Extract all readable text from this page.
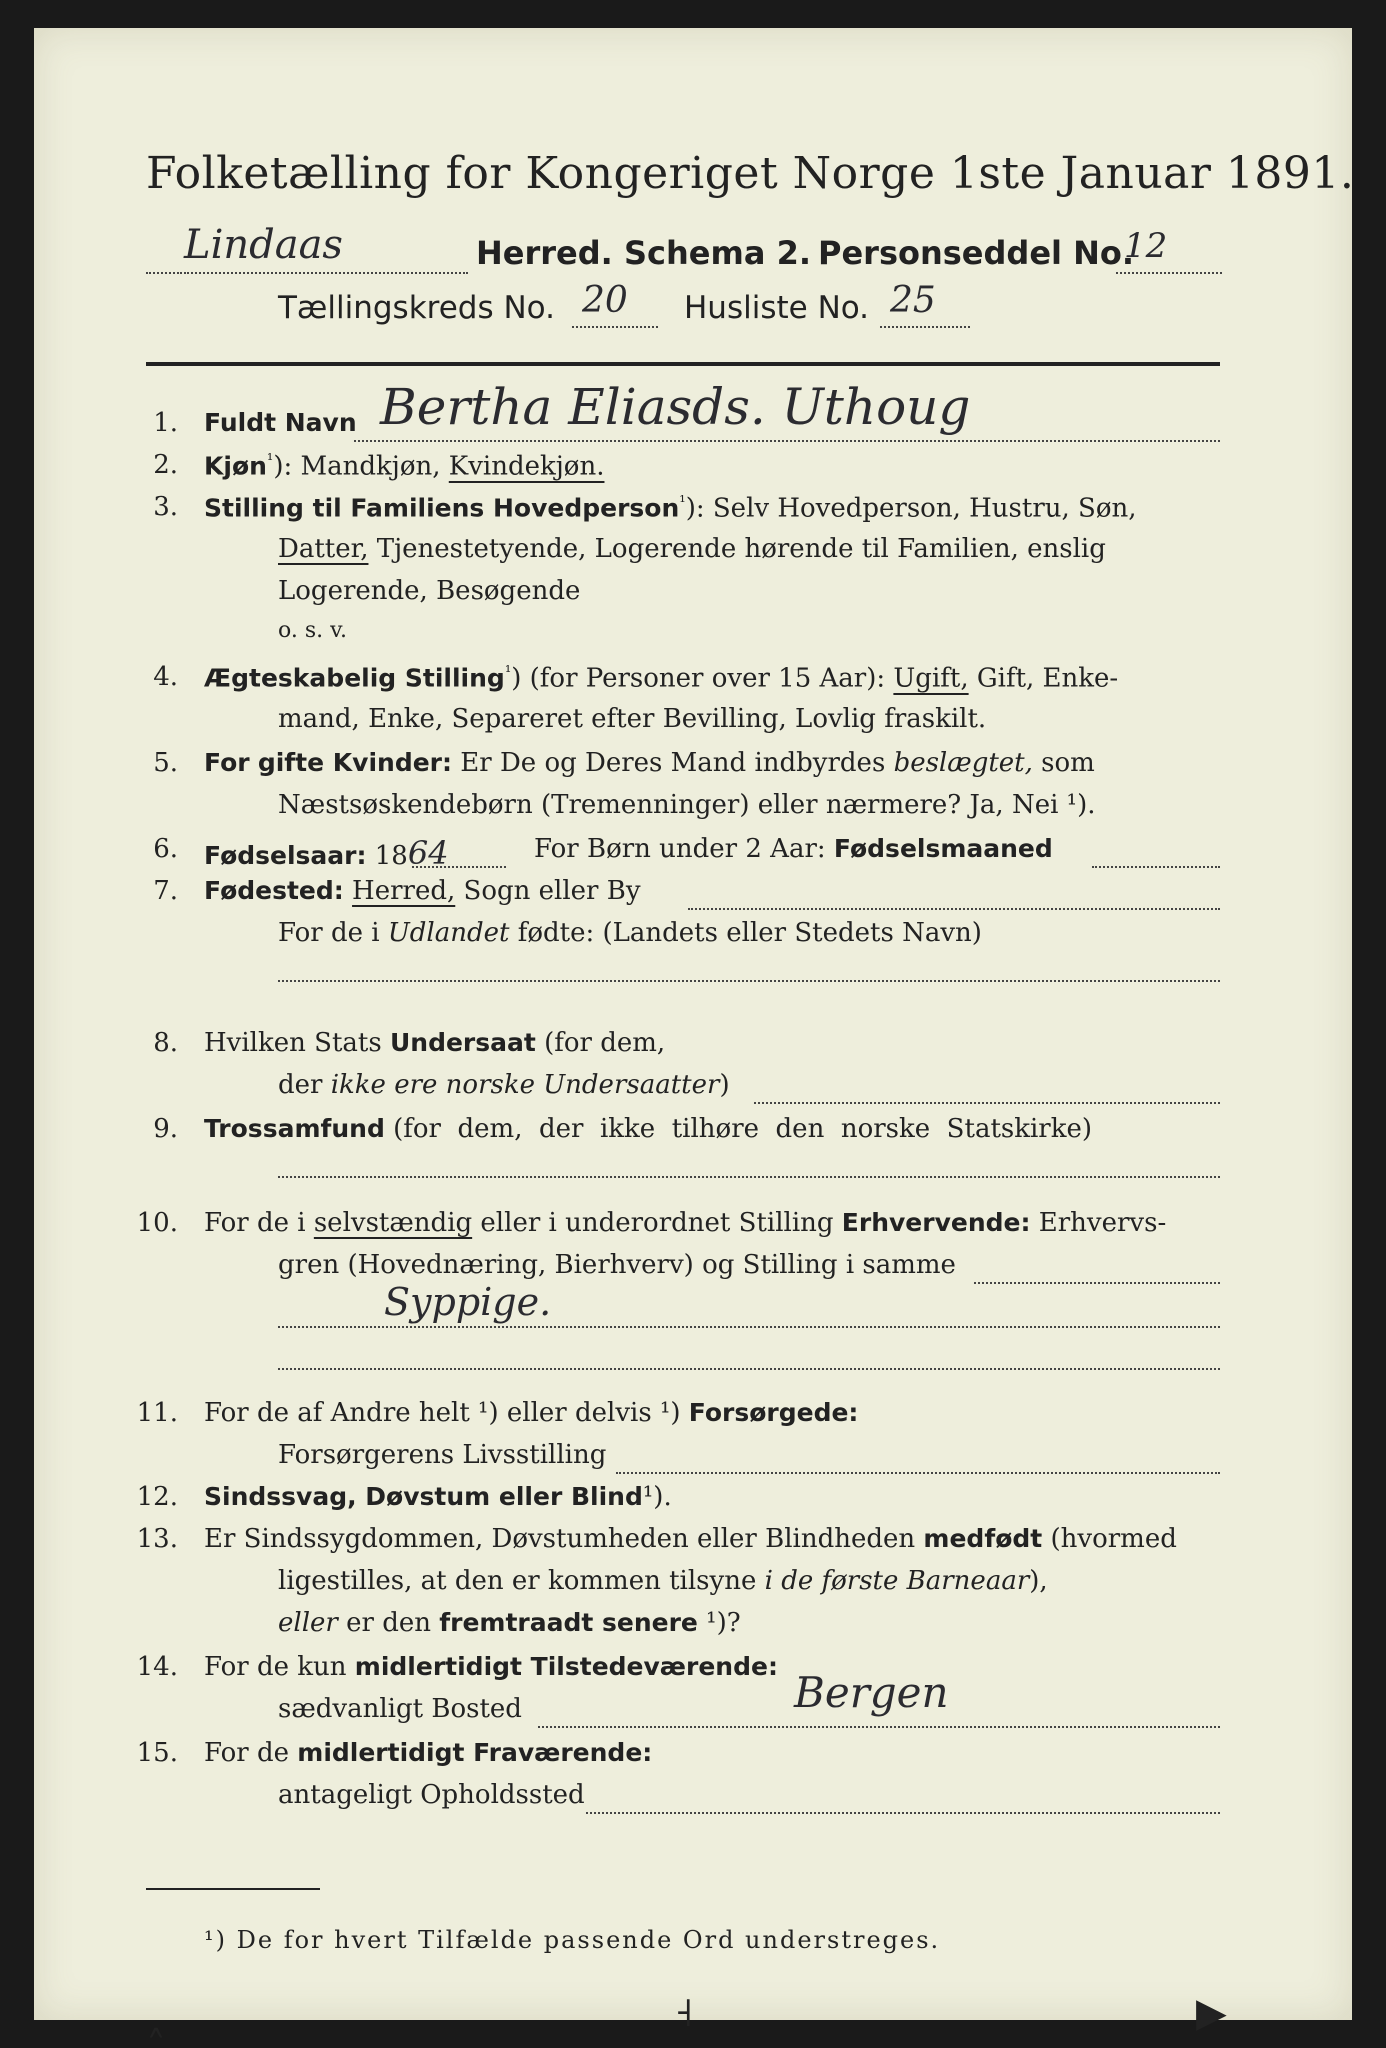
Folketælling for Kongeriget Norge 1ste Januar 1891.
Lindaas	Herred. Schema 2. Personseddel No.
12
Tællingskreds No. 20 Husliste No. 25
1. Fuldt Navn Bertha Eliasds. Uthoug
2. Kjøn$^{^1}$): Mandkjøn, Kvindekjøn.
3. Stilling til Familiens Hovedperson$^{^1}$): Selv Hovedperson, Hustru, Søn,
Datter, Tjenestetyende, Logerende hørende til Familien, enslig
Logerende, Besøgende
o. s. v.
4. Ægteskabelig Stilling$^{^1}$) (for Personer over 15 Aar): Ugift, Gift, Enke-
mand, Enke, Separeret efter Bevilling, Lovlig fraskilt.
5. For gifte Kvinder: Er De og Deres Mand indbyrdes beslægtet, som
Næstsøskendebørn (Tremenninger) eller nærmere? Ja, Nei ¹).
6. Fødselsaar: 1864	For Børn under 2 Aar: Fødselsmaaned
7. Fødested: Herred, Sogn eller By
For de i Udlandet fødte: (Landets eller Stedets Navn)
8. Hvilken Stats Undersaat (for dem,
der ikke ere norske Undersaatter)
9. Trossamfund (for  dem,  der  ikke  tilhøre  den  norske  Statskirke)
10. For de i selvstændig eller i underordnet Stilling Erhvervende: Erhvervs-
gren (Hovednæring, Bierhverv) og Stilling i samme
Syppige.
11. For de af Andre helt ¹) eller delvis ¹) Forsørgede:
Forsørgerens Livsstilling
12. Sindssvag, Døvstum eller Blind¹).
13. Er Sindssygdommen, Døvstumheden eller Blindheden medfødt (hvormed
ligestilles, at den er kommen tilsyne i de første Barneaar),
eller er den fremtraadt senere ¹)?
14. For de kun midlertidigt Tilstedeværende:
sædvanligt Bosted	Bergen
15. For de midlertidigt Fraværende:
antageligt Opholdssted
¹) De for hvert Tilfælde passende Ord understreges.
˰	˧	▶
